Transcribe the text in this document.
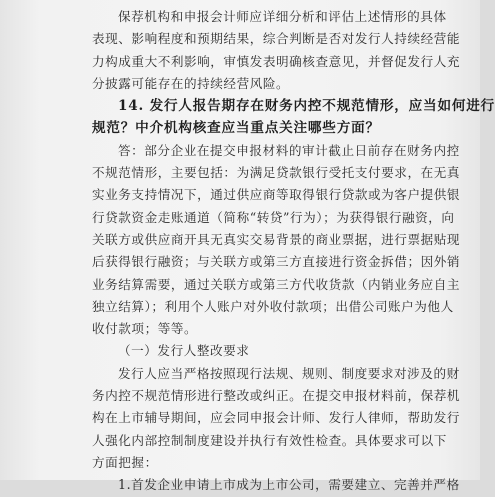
保荐机构和申报会计师应详细分析和评估上述情形的具体
表现、影响程度和预期结果，综合判断是否对发行人持续经营能
力构成重大不利影响，审慎发表明确核查意见，并督促发行人充
分披露可能存在的持续经营风险。
14. 发行人报告期存在财务内控不规范情形，应当如何进行
规范？中介机构核查应当重点关注哪些方面？
答：部分企业在提交申报材料的审计截止日前存在财务内控
不规范情形，主要包括：为满足贷款银行受托支付要求，在无真
实业务支持情况下，通过供应商等取得银行贷款或为客户提供银
行贷款资金走账通道（简称“转贷”行为）；为获得银行融资，向
关联方或供应商开具无真实交易背景的商业票据，进行票据贴现
后获得银行融资；与关联方或第三方直接进行资金拆借；因外销
业务结算需要，通过关联方或第三方代收货款（内销业务应自主
独立结算）；利用个人账户对外收付款项；出借公司账户为他人
收付款项；等等。
（一）发行人整改要求
发行人应当严格按照现行法规、规则、制度要求对涉及的财
务内控不规范情形进行整改或纠正。在提交申报材料前，保荐机
构在上市辅导期间，应会同申报会计师、发行人律师，帮助发行
人强化内部控制制度建设并执行有效性检查。具体要求可以下
方面把握：
1.首发企业申请上市成为上市公司，需要建立、完善并严格
